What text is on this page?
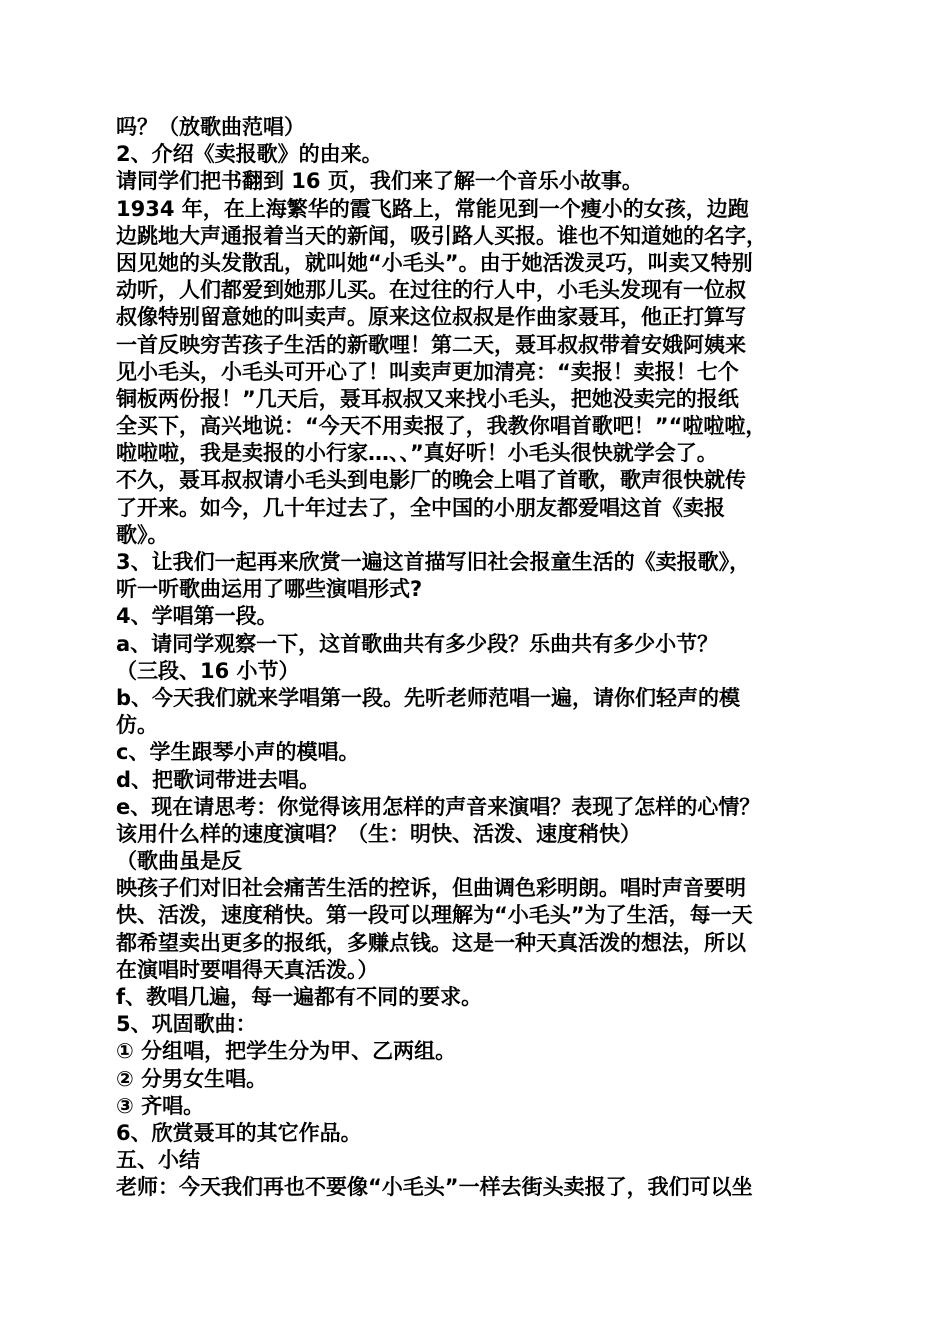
吗？（放歌曲范唱）
2、介绍《卖报歌》的由来。
请同学们把书翻到 16 页，我们来了解一个音乐小故事。
1934 年，在上海繁华的霞飞路上，常能见到一个瘦小的女孩，边跑
边跳地大声通报着当天的新闻，吸引路人买报。谁也不知道她的名字，
因见她的头发散乱，就叫她“小毛头”。由于她活泼灵巧，叫卖又特别
动听，人们都爱到她那儿买。在过往的行人中，小毛头发现有一位叔
叔像特别留意她的叫卖声。原来这位叔叔是作曲家聂耳，他正打算写
一首反映穷苦孩子生活的新歌哩！第二天，聂耳叔叔带着安娥阿姨来
见小毛头，小毛头可开心了！叫卖声更加清亮：“卖报！卖报！七个
铜板两份报！”几天后，聂耳叔叔又来找小毛头，把她没卖完的报纸
全买下，高兴地说：“今天不用卖报了，我教你唱首歌吧！”“啦啦啦，
啦啦啦，我是卖报的小行家…、、”真好听！小毛头很快就学会了。
不久，聂耳叔叔请小毛头到电影厂的晚会上唱了首歌，歌声很快就传
了开来。如今，几十年过去了，全中国的小朋友都爱唱这首《卖报
歌》。
3、让我们一起再来欣赏一遍这首描写旧社会报童生活的《卖报歌》，
听一听歌曲运用了哪些演唱形式?
4、学唱第一段。
a、请同学观察一下，这首歌曲共有多少段？乐曲共有多少小节？
（三段、16 小节）
b、今天我们就来学唱第一段。先听老师范唱一遍，请你们轻声的模
仿。
c、学生跟琴小声的模唱。
d、把歌词带进去唱。
e、现在请思考：你觉得该用怎样的声音来演唱？表现了怎样的心情？
该用什么样的速度演唱？（生：明快、活泼、速度稍快）
（歌曲虽是反
映孩子们对旧社会痛苦生活的控诉，但曲调色彩明朗。唱时声音要明
快、活泼，速度稍快。第一段可以理解为“小毛头”为了生活，每一天
都希望卖出更多的报纸，多赚点钱。这是一种天真活泼的想法，所以
在演唱时要唱得天真活泼。）
f、教唱几遍，每一遍都有不同的要求。
5、巩固歌曲：
① 分组唱，把学生分为甲、乙两组。
② 分男女生唱。
③ 齐唱。
6、欣赏聂耳的其它作品。
五、小结
老师：今天我们再也不要像“小毛头”一样去街头卖报了，我们可以坐
